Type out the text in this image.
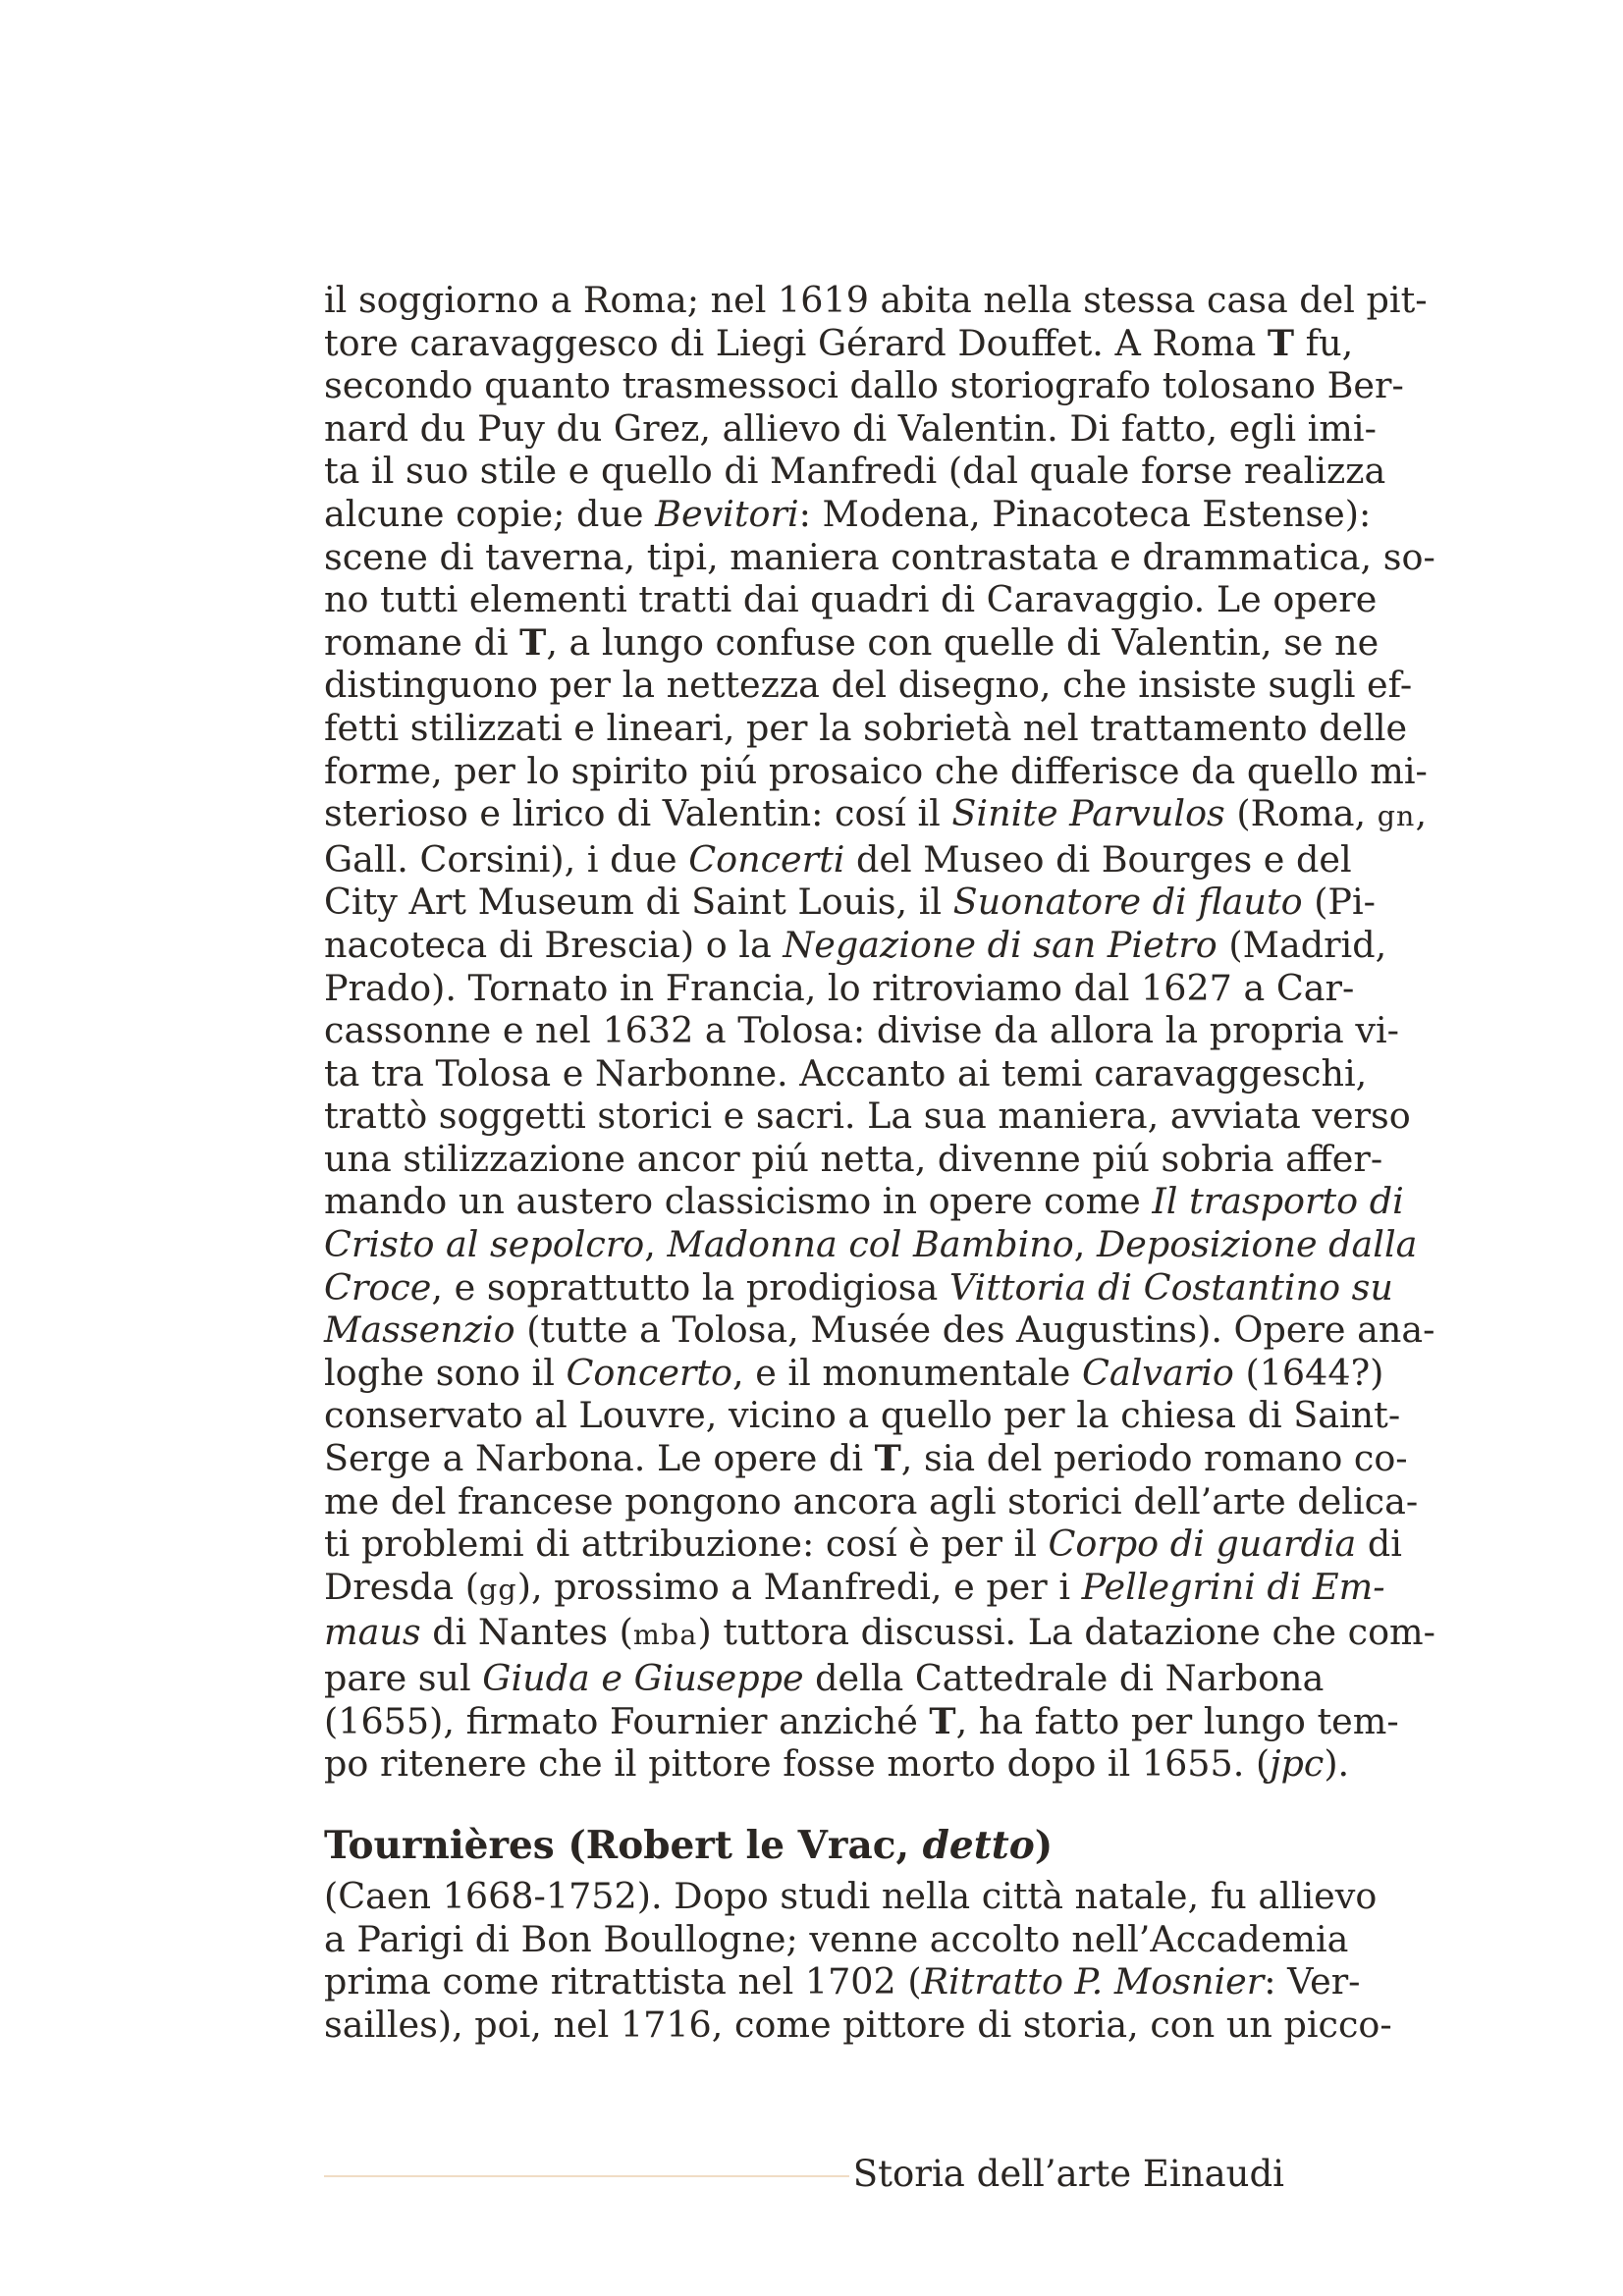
il soggiorno a Roma; nel 1619 abita nella stessa casa del pit-
tore caravaggesco di Liegi Gérard Douffet. A Roma T fu,
secondo quanto trasmessoci dallo storiografo tolosano Ber-
nard du Puy du Grez, allievo di Valentin. Di fatto, egli imi-
ta il suo stile e quello di Manfredi (dal quale forse realizza
alcune copie; due Bevitori: Modena, Pinacoteca Estense):
scene di taverna, tipi, maniera contrastata e drammatica, so-
no tutti elementi tratti dai quadri di Caravaggio. Le opere
romane di T, a lungo confuse con quelle di Valentin, se ne
distinguono per la nettezza del disegno, che insiste sugli ef-
fetti stilizzati e lineari, per la sobrietà nel trattamento delle
forme, per lo spirito piú prosaico che differisce da quello mi-
sterioso e lirico di Valentin: cosí il Sinite Parvulos (Roma, gn,
Gall. Corsini), i due Concerti del Museo di Bourges e del
City Art Museum di Saint Louis, il Suonatore di flauto (Pi-
nacoteca di Brescia) o la Negazione di san Pietro (Madrid,
Prado). Tornato in Francia, lo ritroviamo dal 1627 a Car-
cassonne e nel 1632 a Tolosa: divise da allora la propria vi-
ta tra Tolosa e Narbonne. Accanto ai temi caravaggeschi,
trattò soggetti storici e sacri. La sua maniera, avviata verso
una stilizzazione ancor piú netta, divenne piú sobria affer-
mando un austero classicismo in opere come Il trasporto di
Cristo al sepolcro, Madonna col Bambino, Deposizione dalla
Croce, e soprattutto la prodigiosa Vittoria di Costantino su
Massenzio (tutte a Tolosa, Musée des Augustins). Opere ana-
loghe sono il Concerto, e il monumentale Calvario (1644?)
conservato al Louvre, vicino a quello per la chiesa di Saint-
Serge a Narbona. Le opere di T, sia del periodo romano co-
me del francese pongono ancora agli storici dell’arte delica-
ti problemi di attribuzione: cosí è per il Corpo di guardia di
Dresda (gg), prossimo a Manfredi, e per i Pellegrini di Em-
maus di Nantes (mba) tuttora discussi. La datazione che com-
pare sul Giuda e Giuseppe della Cattedrale di Narbona
(1655), firmato Fournier anziché T, ha fatto per lungo tem-
po ritenere che il pittore fosse morto dopo il 1655. (jpc).
Tournières (Robert le Vrac, detto)
(Caen 1668-1752). Dopo studi nella città natale, fu allievo
a Parigi di Bon Boullogne; venne accolto nell’Accademia
prima come ritrattista nel 1702 (Ritratto P. Mosnier: Ver-
sailles), poi, nel 1716, come pittore di storia, con un picco-
Storia dell’arte Einaudi
